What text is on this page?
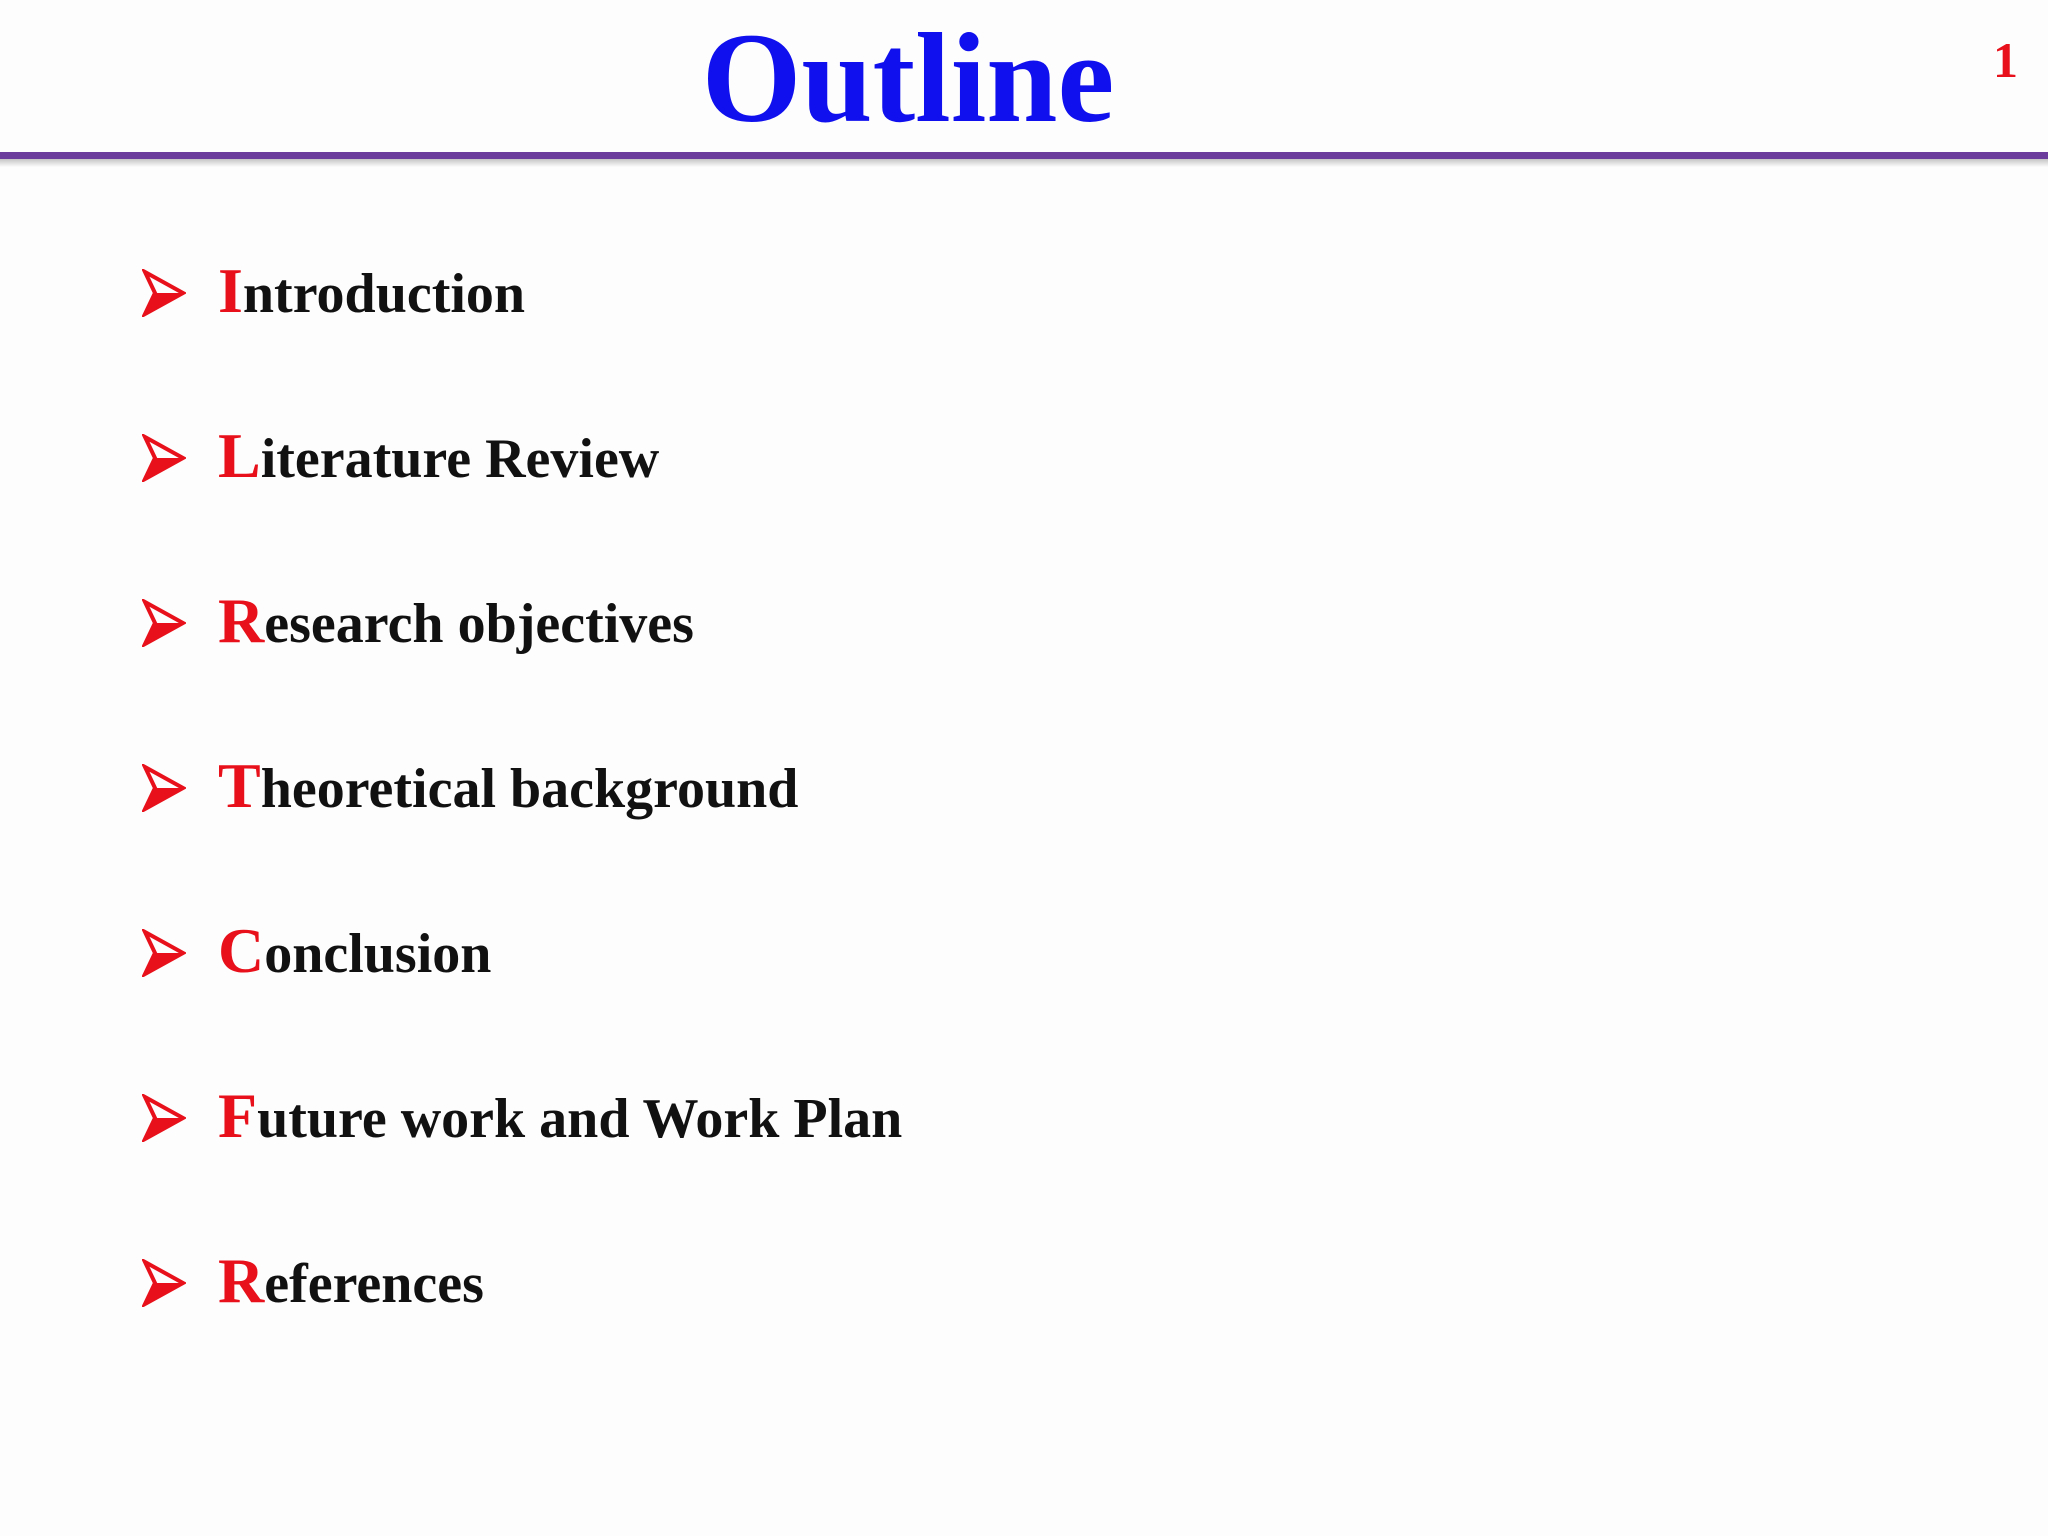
Outline	1
Introduction
Literature Review
Research objectives
Theoretical background
Conclusion
Future work and Work Plan
References
